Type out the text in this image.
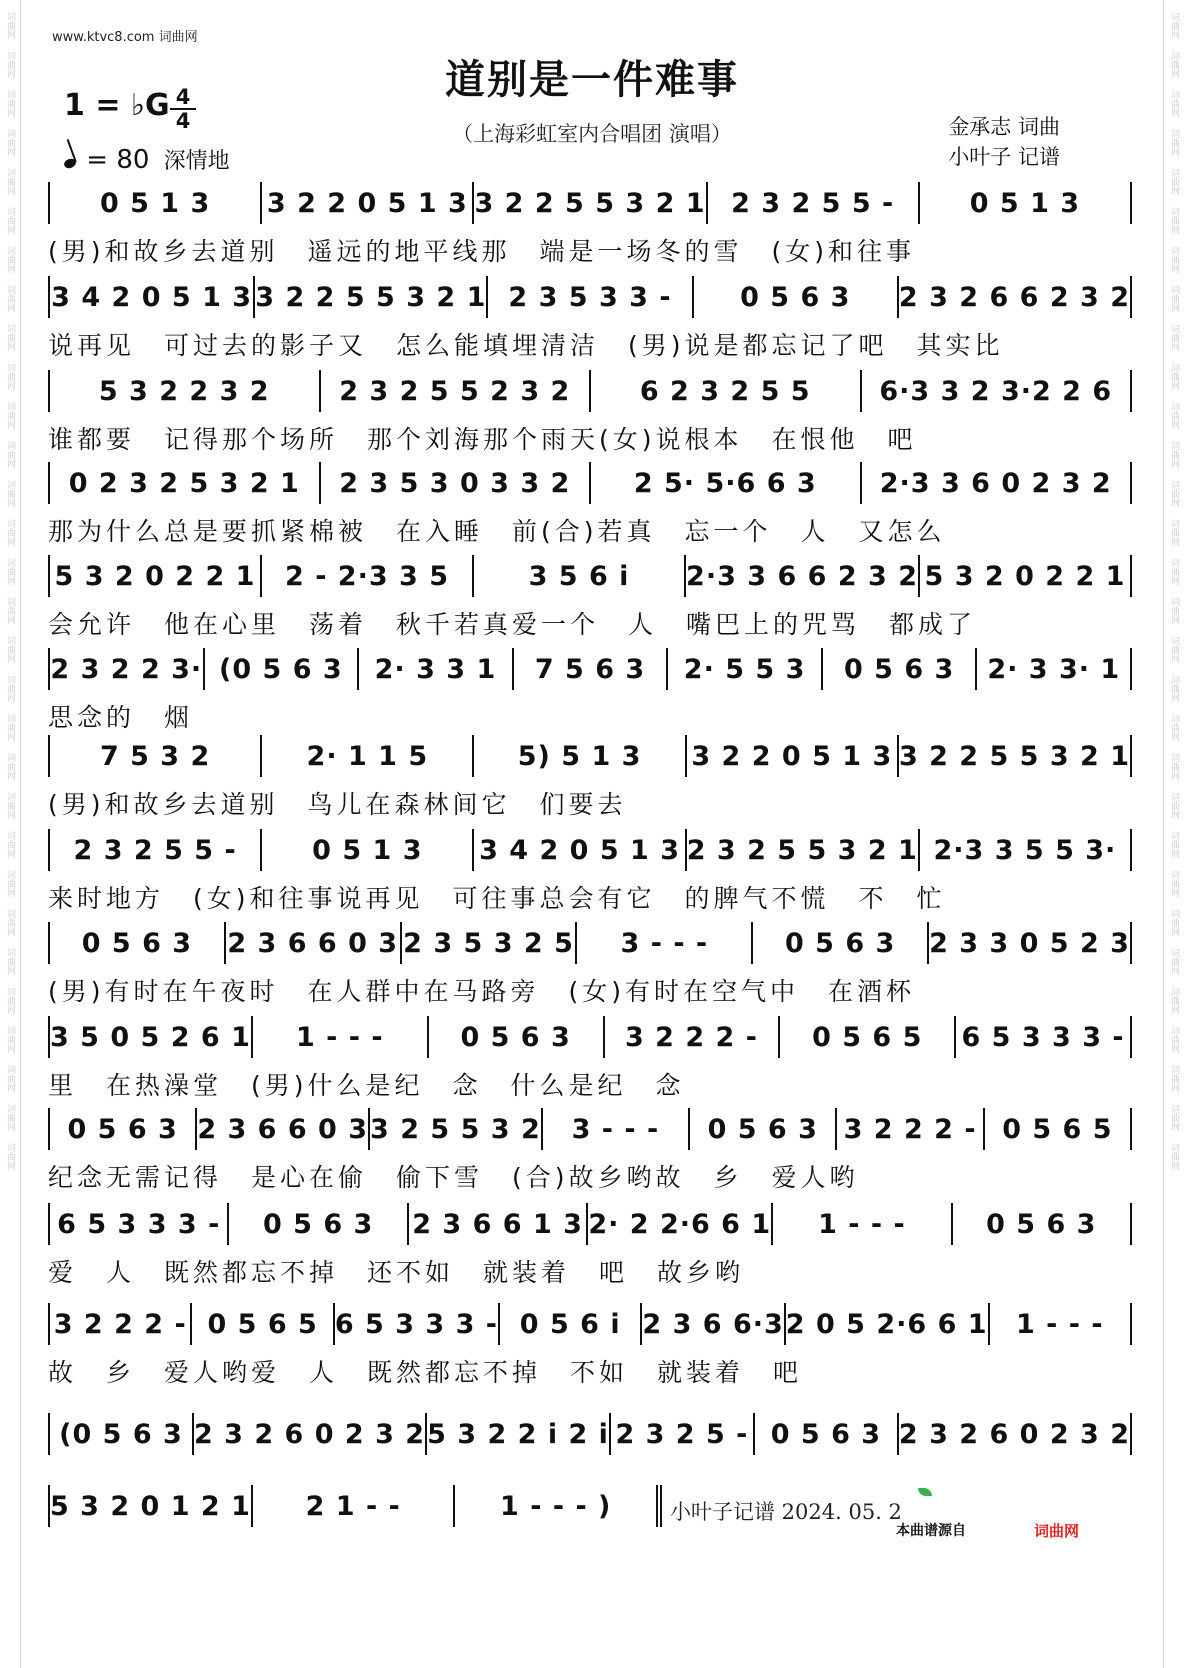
词曲网
词曲网
词曲网
词曲网
词曲网
词曲网
词曲网
词曲网
词曲网
词曲网
词曲网
词曲网
词曲网
词曲网
词曲网
词曲网
词曲网
词曲网
词曲网
词曲网
词曲网
词曲网
词曲网
词曲网
词曲网
词曲网
词曲网
词曲网
词曲网
词曲网
词曲网
词曲网
词曲网
词曲网
词曲网
词曲网
词曲网
词曲网
词曲网
词曲网
词曲网
词曲网
词曲网
词曲网
词曲网
词曲网
词曲网
词曲网
词曲网
词曲网
词曲网
词曲网
词曲网
词曲网
词曲网
词曲网
词曲网
词曲网
词曲网
词曲网
www.ktvc8.com 词曲网
道别是一件难事
（上海彩虹室内合唱团 演唱）
1 = ♭G 4
4
= 80 深情地
金承志 词曲
小叶子 记谱
0 5 1 3	3 2 2 0 5 1 3 3 2 2 5 5 3 2 1 2 3 2 5 5 -	0 5 1 3
(男)和故乡去道别　遥远的地平线那　端是一场冬的雪　(女)和往事
3 4 2 0 5 1 3 3 2 2 5 5 3 2 1 2 3 5 3 3 -	0 5 6 3	2 3 2 6 6 2 3 2
说再见　可过去的影子又　怎么能填埋清洁　(男)说是都忘记了吧　其实比
5 3 2 2 3 2	2 3 2 5 5 2 3 2	6 2 3 2 5 5	6·3 3 2 3·2 2 6
谁都要　记得那个场所　那个刘海那个雨天(女)说根本　在恨他　吧
0 2 3 2 5 3 2 1	2 3 5 3 0 3 3 2	2 5· 5·6 6 3	2·3 3 6 0 2 3 2
那为什么总是要抓紧棉被　在入睡　前(合)若真　忘一个　人　又怎么
5 3 2 0 2 2 1	2 - 2·3 3 5	3 5 6 i	2·3 3 6 6 2 3 2 5 3 2 0 2 2 1
会允许　他在心里　荡着　秋千若真爱一个　人　嘴巴上的咒骂　都成了
2 3 2 2 3· (0 5 6 3	2· 3 3 1	7 5 6 3	2· 5 5 3	0 5 6 3	2· 3 3· 1
思念的　烟
7 5 3 2	2· 1 1 5	5) 5 1 3	3 2 2 0 5 1 3 3 2 2 5 5 3 2 1
(男)和故乡去道别　鸟儿在森林间它　们要去
2 3 2 5 5 -	0 5 1 3	3 4 2 0 5 1 3 2 3 2 5 5 3 2 1 2·3 3 5 5 3·
来时地方　(女)和往事说再见　可往事总会有它　的脾气不慌　不　忙
0 5 6 3	2 3 6 6 0 3 2 3 5 3 2 5	3 - - -	0 5 6 3	2 3 3 0 5 2 3
(男)有时在午夜时　在人群中在马路旁　(女)有时在空气中　在酒杯
3 5 0 5 2 6 1	1 - - -	0 5 6 3	3 2 2 2 -	0 5 6 5	6 5 3 3 3 -
里　在热澡堂　(男)什么是纪　念　什么是纪　念
0 5 6 3 2 3 6 6 0 3 3 2 5 5 3 2	3 - - -	0 5 6 3 3 2 2 2 - 0 5 6 5
纪念无需记得　是心在偷　偷下雪　(合)故乡哟故　乡　爱人哟
6 5 3 3 3 -	0 5 6 3	2 3 6 6 1 3 2· 2 2·6 6 1	1 - - -	0 5 6 3
爱　人　既然都忘不掉　还不如　就装着　吧　故乡哟
3 2 2 2 - 0 5 6 5 6 5 3 3 3 - 0 5 6 i 2 3 6 6·3 2 0 5 2·6 6 1	1 - - -
故　乡　爱人哟爱　人　既然都忘不掉　不如　就装着　吧
(0 5 6 3 2 3 2 6 0 2 3 2 5 3 2 2 i 2 i 2 3 2 5 - 0 5 6 3 2 3 2 6 0 2 3 2
5 3 2 0 1 2 1	2 1 - -	1 - - - )	小叶子记谱 2024. 05. 2
本曲谱源自	词曲网
